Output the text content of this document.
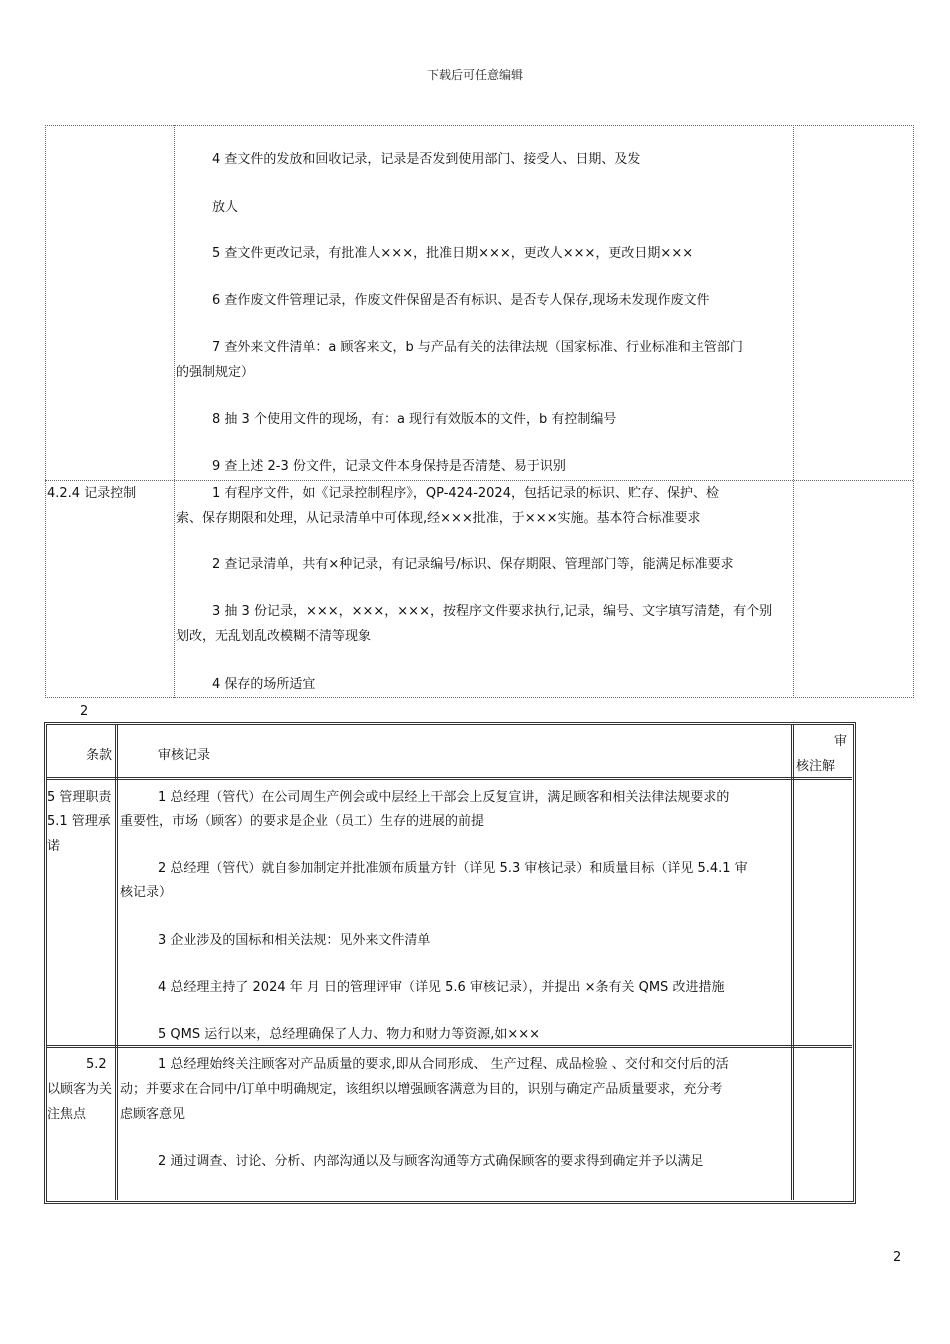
下载后可任意编辑
4 查文件的发放和回收记录，记录是否发到使用部门、接受人、日期、及发
放人
5 查文件更改记录，有批准人×××，批准日期×××，更改人×××，更改日期×××
6 查作废文件管理记录，作废文件保留是否有标识、是否专人保存,现场未发现作废文件
7 查外来文件清单：a 顾客来文，b 与产品有关的法律法规（国家标准、行业标准和主管部门
的强制规定）
8 抽 3 个使用文件的现场，有：a 现行有效版本的文件，b 有控制编号
9 查上述 2-3 份文件，记录文件本身保持是否清楚、易于识别
4.2.4 记录控制	1 有程序文件，如《记录控制程序》，QP-424-2024，包括记录的标识、贮存、保护、检
索、保存期限和处理，从记录清单中可体现,经×××批准，于×××实施。基本符合标准要求
2 查记录清单，共有×种记录，有记录编号/标识、保存期限、管理部门等，能满足标准要求
3 抽 3 份记录，×××，×××，×××，按程序文件要求执行,记录，编号、文字填写清楚，有个别
划改，无乱划乱改模糊不清等现象
4 保存的场所适宜
2
条款	审核记录
审
核注解
5 管理职责
5.1 管理承
诺
1 总经理（管代）在公司周生产例会或中层经上干部会上反复宣讲，满足顾客和相关法律法规要求的
重要性，市场（顾客）的要求是企业（员工）生存的进展的前提
2 总经理（管代）就自参加制定并批准颁布质量方针（详见 5.3 审核记录）和质量目标（详见 5.4.1 审
核记录）
3 企业涉及的国标和相关法规：见外来文件清单
4 总经理主持了 2024 年 月 日的管理评审（详见 5.6 审核记录），并提出 ×条有关 QMS 改进措施
5 QMS 运行以来，总经理确保了人力、物力和财力等资源,如×××
5.2
以顾客为关
注焦点
1 总经理始终关注顾客对产品质量的要求,即从合同形成、 生产过程、成品检验 、交付和交付后的活
动；并要求在合同中/订单中明确规定，该组织以增强顾客满意为目的，识别与确定产品质量要求，充分考
虑顾客意见
2 通过调查、讨论、分析、内部沟通以及与顾客沟通等方式确保顾客的要求得到确定并予以满足
2
